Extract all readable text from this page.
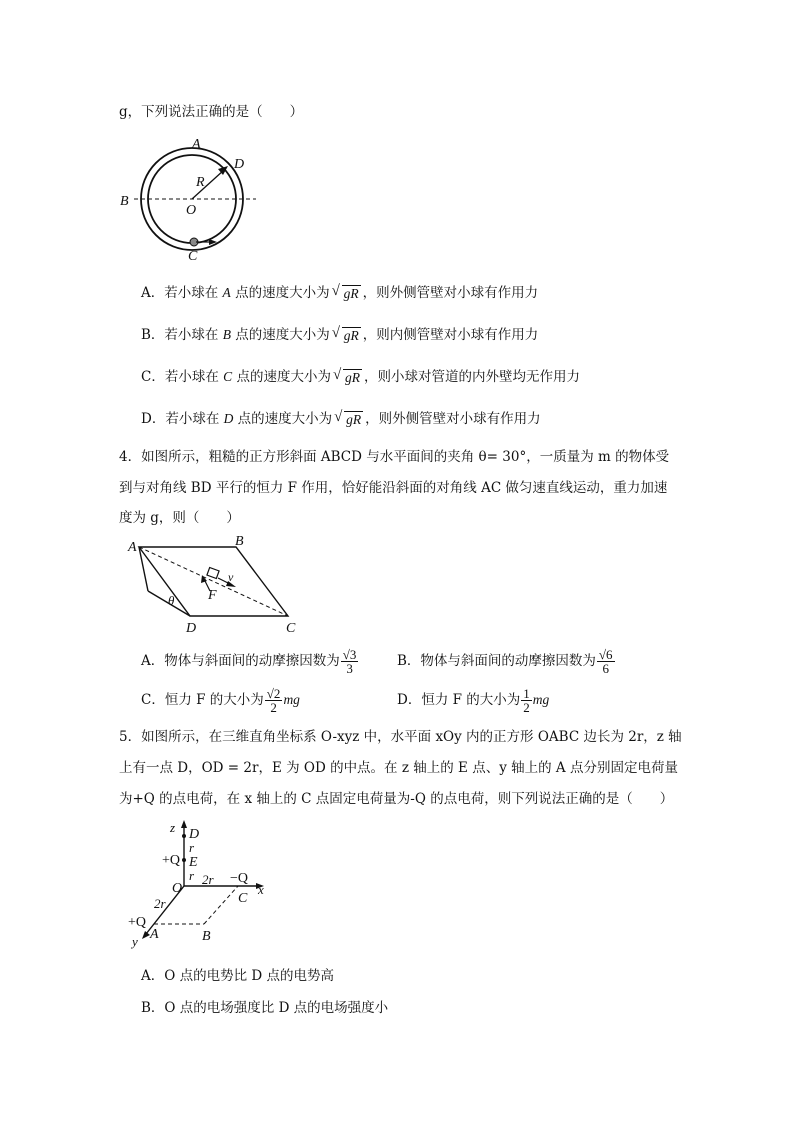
g，下列说法正确的是（　　）
A
D
R
B
O
C
A．若小球在 A 点的速度大小为 √ gR ，则外侧管壁对小球有作用力
B．若小球在 B 点的速度大小为 √ gR ，则内侧管壁对小球有作用力
C．若小球在 C 点的速度大小为 √ gR ，则小球对管道的内外壁均无作用力
D．若小球在 D 点的速度大小为 √ gR ，则外侧管壁对小球有作用力
4．如图所示，粗糙的正方形斜面 ABCD 与水平面间的夹角 θ= 30°，一质量为 m 的物体受
到与对角线 BD 平行的恒力 F 作用，恰好能沿斜面的对角线 AC 做匀速直线运动，重力加速
度为 g，则（　　）
A	B
v
F
θ
D	C
A．物体与斜面间的动摩擦因数为 $\frac{√3}{3}$	B．物体与斜面间的动摩擦因数为 $\frac{√6}{6}$
C．恒力 F 的大小为 $\frac{√2}{2}$ mg	D．恒力 F 的大小为 $\frac{1}{2}$ mg
5．如图所示，在三维直角坐标系 O-xyz 中，水平面 xOy 内的正方形 OABC 边长为 2r，z 轴
上有一点 D，OD = 2r，E 为 OD 的中点。在 z 轴上的 E 点、y 轴上的 A 点分别固定电荷量
为+Q 的点电荷，在 x 轴上的 C 点固定电荷量为-Q 的点电荷，则下列说法正确的是（　　）
z D
r
+Q E
r
O
2r −Q
x
C
2r
+Q
A	B
y
A．O 点的电势比 D 点的电势高
B．O 点的电场强度比 D 点的电场强度小
